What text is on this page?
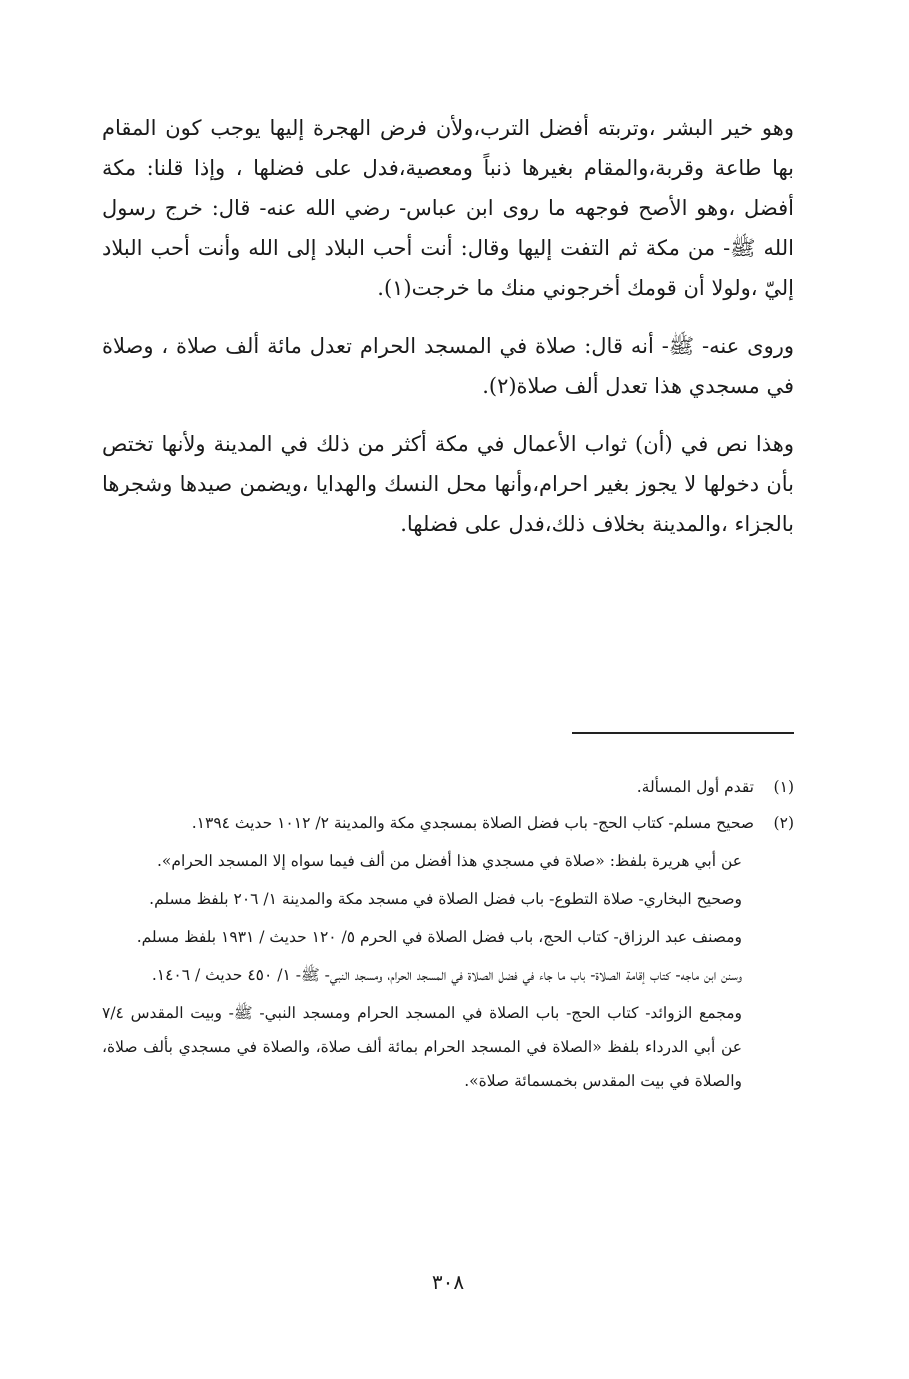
وهو خير البشر ،وتربته أفضل الترب،ولأن فرض الهجرة إليها يوجب كون المقام بها طاعة وقربة،والمقام بغيرها ذنباً ومعصية،فدل على فضلها ، وإذا قلنا: مكة أفضل ،وهو الأصح فوجهه ما روى ابن عباس- رضي الله عنه- قال: خرج رسول الله ﷺ- من مكة ثم التفت إليها وقال: أنت أحب البلاد إلى الله وأنت أحب البلاد إليّ ،ولولا أن قومك أخرجوني منك ما خرجت(١).

وروى عنه- ﷺ- أنه قال: صلاة في المسجد الحرام تعدل مائة ألف صلاة ، وصلاة في مسجدي هذا تعدل ألف صلاة(٢).

وهذا نص في (أن) ثواب الأعمال في مكة أكثر من ذلك في المدينة ولأنها تختص بأن دخولها لا يجوز بغير احرام،وأنها محل النسك والهدايا ،ويضمن صيدها وشجرها بالجزاء ،والمدينة بخلاف ذلك،فدل على فضلها.

(١)
تقدم أول المسألة.
(٢)
صحيح مسلم- كتاب الحج- باب فضل الصلاة بمسجدي مكة والمدينة ٢/ ١٠١٢ حديث ١٣٩٤.
عن أبي هريرة بلفظ: «صلاة في مسجدي هذا أفضل من ألف فيما سواه إلا المسجد الحرام».
وصحيح البخاري- صلاة التطوع- باب فضل الصلاة في مسجد مكة والمدينة ١/ ٢٠٦ بلفظ مسلم.
ومصنف عبد الرزاق- كتاب الحج، باب فضل الصلاة في الحرم ٥/ ١٢٠ حديث / ١٩٣١ بلفظ مسلم.
وسنن ابن ماجه- كتاب إقامة الصلاة- باب ما جاء في فضل الصلاة في المسجد الحرام، ومسجد النبي- ﷺ- ١/ ٤٥٠ حديث / ١٤٠٦.
ومجمع الزوائد- كتاب الحج- باب الصلاة في المسجد الحرام ومسجد النبي- ﷺ- وبيت المقدس ٧/٤ عن أبي الدرداء بلفظ «الصلاة في المسجد الحرام بمائة ألف صلاة، والصلاة في مسجدي بألف صلاة، والصلاة في بيت المقدس بخمسمائة صلاة».
٣٠٨
